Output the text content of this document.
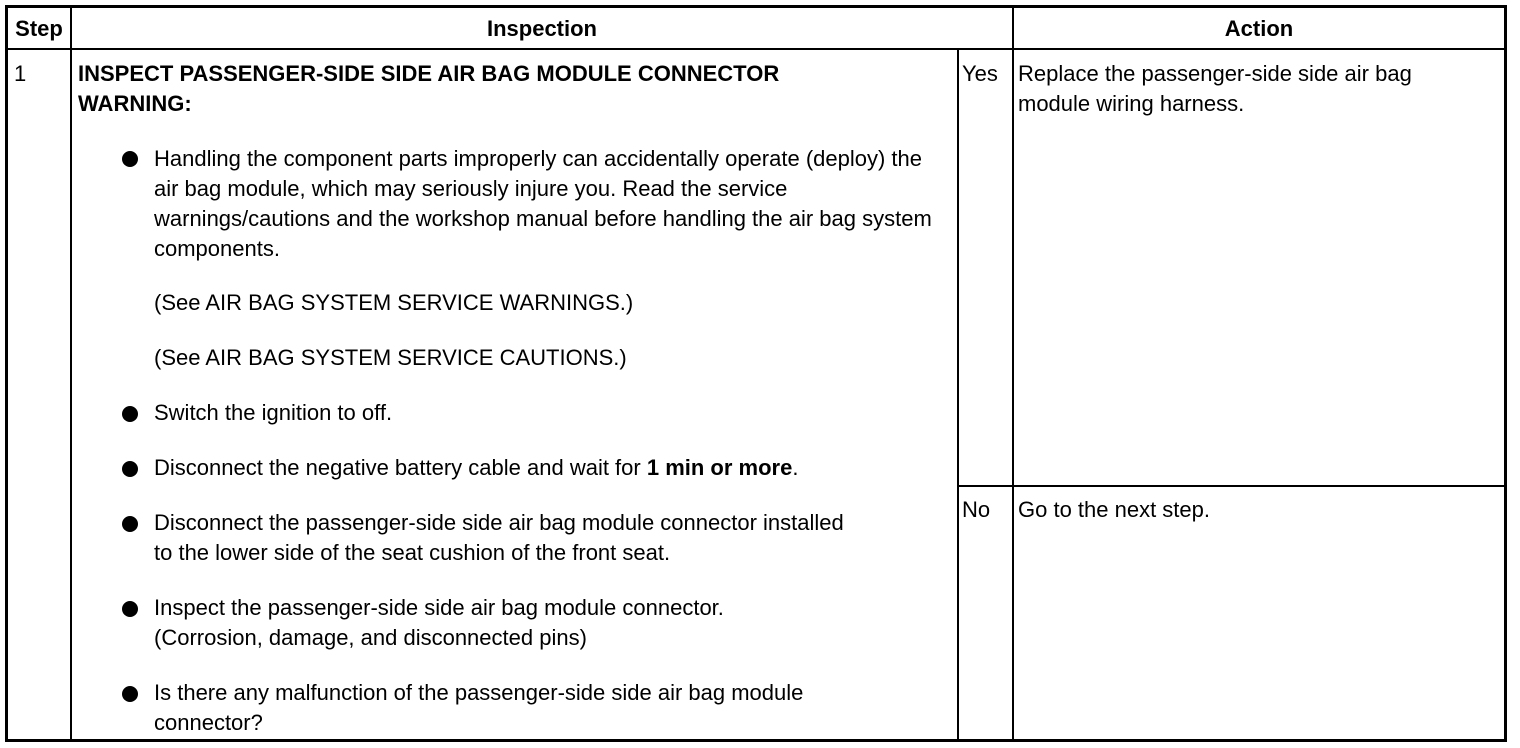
Step	Inspection	Action
1 INSPECT PASSENGER-SIDE SIDE AIR BAG MODULE CONNECTOR
WARNING:
Handling the component parts improperly can accidentally operate (deploy) the air bag module, which may seriously injure you. Read the service warnings/cautions and the workshop manual before handling the air bag system components.
(See AIR BAG SYSTEM SERVICE WARNINGS.)
(See AIR BAG SYSTEM SERVICE CAUTIONS.)
Switch the ignition to off.
Disconnect the negative battery cable and wait for 1 min or more.
Disconnect the passenger-side side air bag module connector installed to the lower side of the seat cushion of the front seat.
Inspect the passenger-side side air bag module connector. (Corrosion, damage, and disconnected pins)
Is there any malfunction of the passenger-side side air bag module connector?
Yes Replace the passenger-side side air bag module wiring harness.
No Go to the next step.
